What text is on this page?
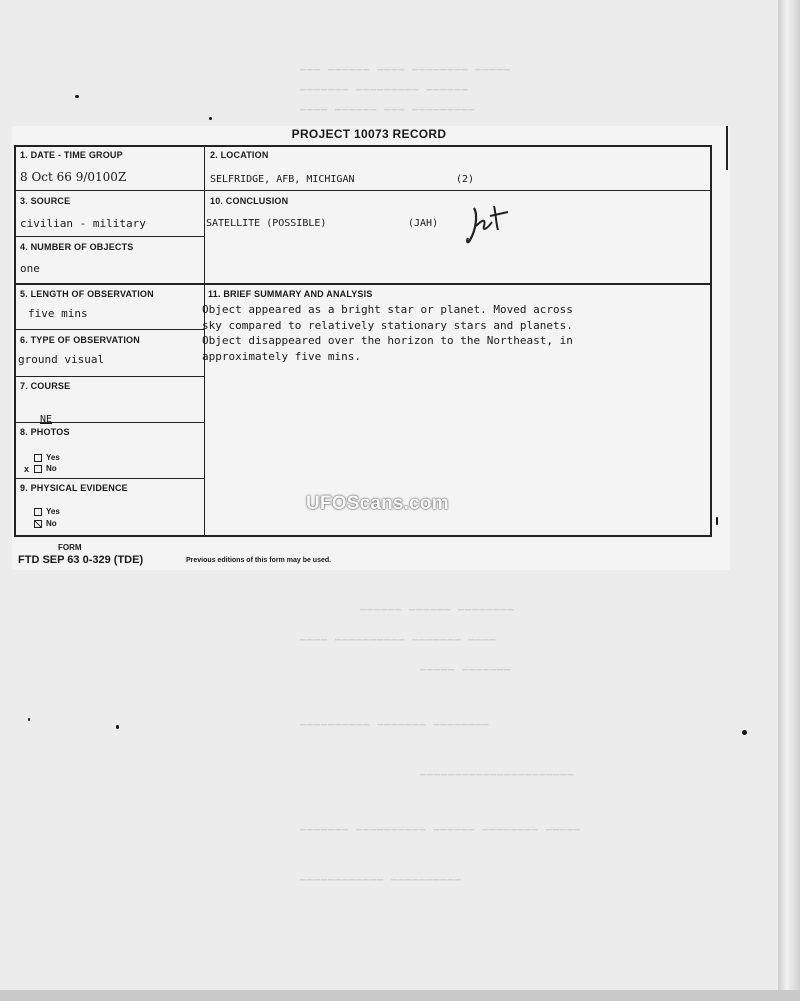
▁▁▁ ▁▁▁▁▁▁ ▁▁▁▁ ▁▁▁▁▁▁▁▁ ▁▁▁▁▁
▁▁▁▁▁▁▁ ▁▁▁▁▁▁▁▁▁ ▁▁▁▁▁▁
▁▁▁▁ ▁▁▁▁▁▁ ▁▁▁ ▁▁▁▁▁▁▁▁▁
▁▁▁▁▁▁ ▁▁▁▁▁▁ ▁▁▁▁▁▁▁▁
▁▁▁▁ ▁▁▁▁▁▁▁▁▁▁ ▁▁▁▁▁▁▁ ▁▁▁▁
▁▁▁▁▁ ▁▁▁▁▁▁▁
▁▁▁▁▁▁▁▁▁▁ ▁▁▁▁▁▁▁ ▁▁▁▁▁▁▁▁
▁▁▁▁▁▁▁▁▁▁▁▁▁▁▁▁▁▁▁▁▁▁
▁▁▁▁▁▁▁ ▁▁▁▁▁▁▁▁▁▁ ▁▁▁▁▁▁ ▁▁▁▁▁▁▁▁ ▁▁▁▁▁
▁▁▁▁▁▁▁▁▁▁▁▁ ▁▁▁▁▁▁▁▁▁▁
PROJECT 10073 RECORD
1. DATE - TIME GROUP
8 Oct 66 9/0100Z
2. LOCATION
SELFRIDGE, AFB, MICHIGAN	(2)
3. SOURCE
civilian - military
10. CONCLUSION
SATELLITE (POSSIBLE)	(JAH)
4. NUMBER OF OBJECTS
one
5. LENGTH OF OBSERVATION
five mins
11. BRIEF SUMMARY AND ANALYSIS
Object appeared as a bright star or planet. Moved across
sky compared to relatively stationary stars and planets.
Object disappeared over the horizon to the Northeast, in
approximately five mins.
6. TYPE OF OBSERVATION
ground visual
7. COURSE
NE
8. PHOTOS
Yes
x	No
9. PHYSICAL EVIDENCE
Yes
No
FORM
FTD SEP 63 0-329 (TDE)	Previous editions of this form may be used.
UFOScans.com
